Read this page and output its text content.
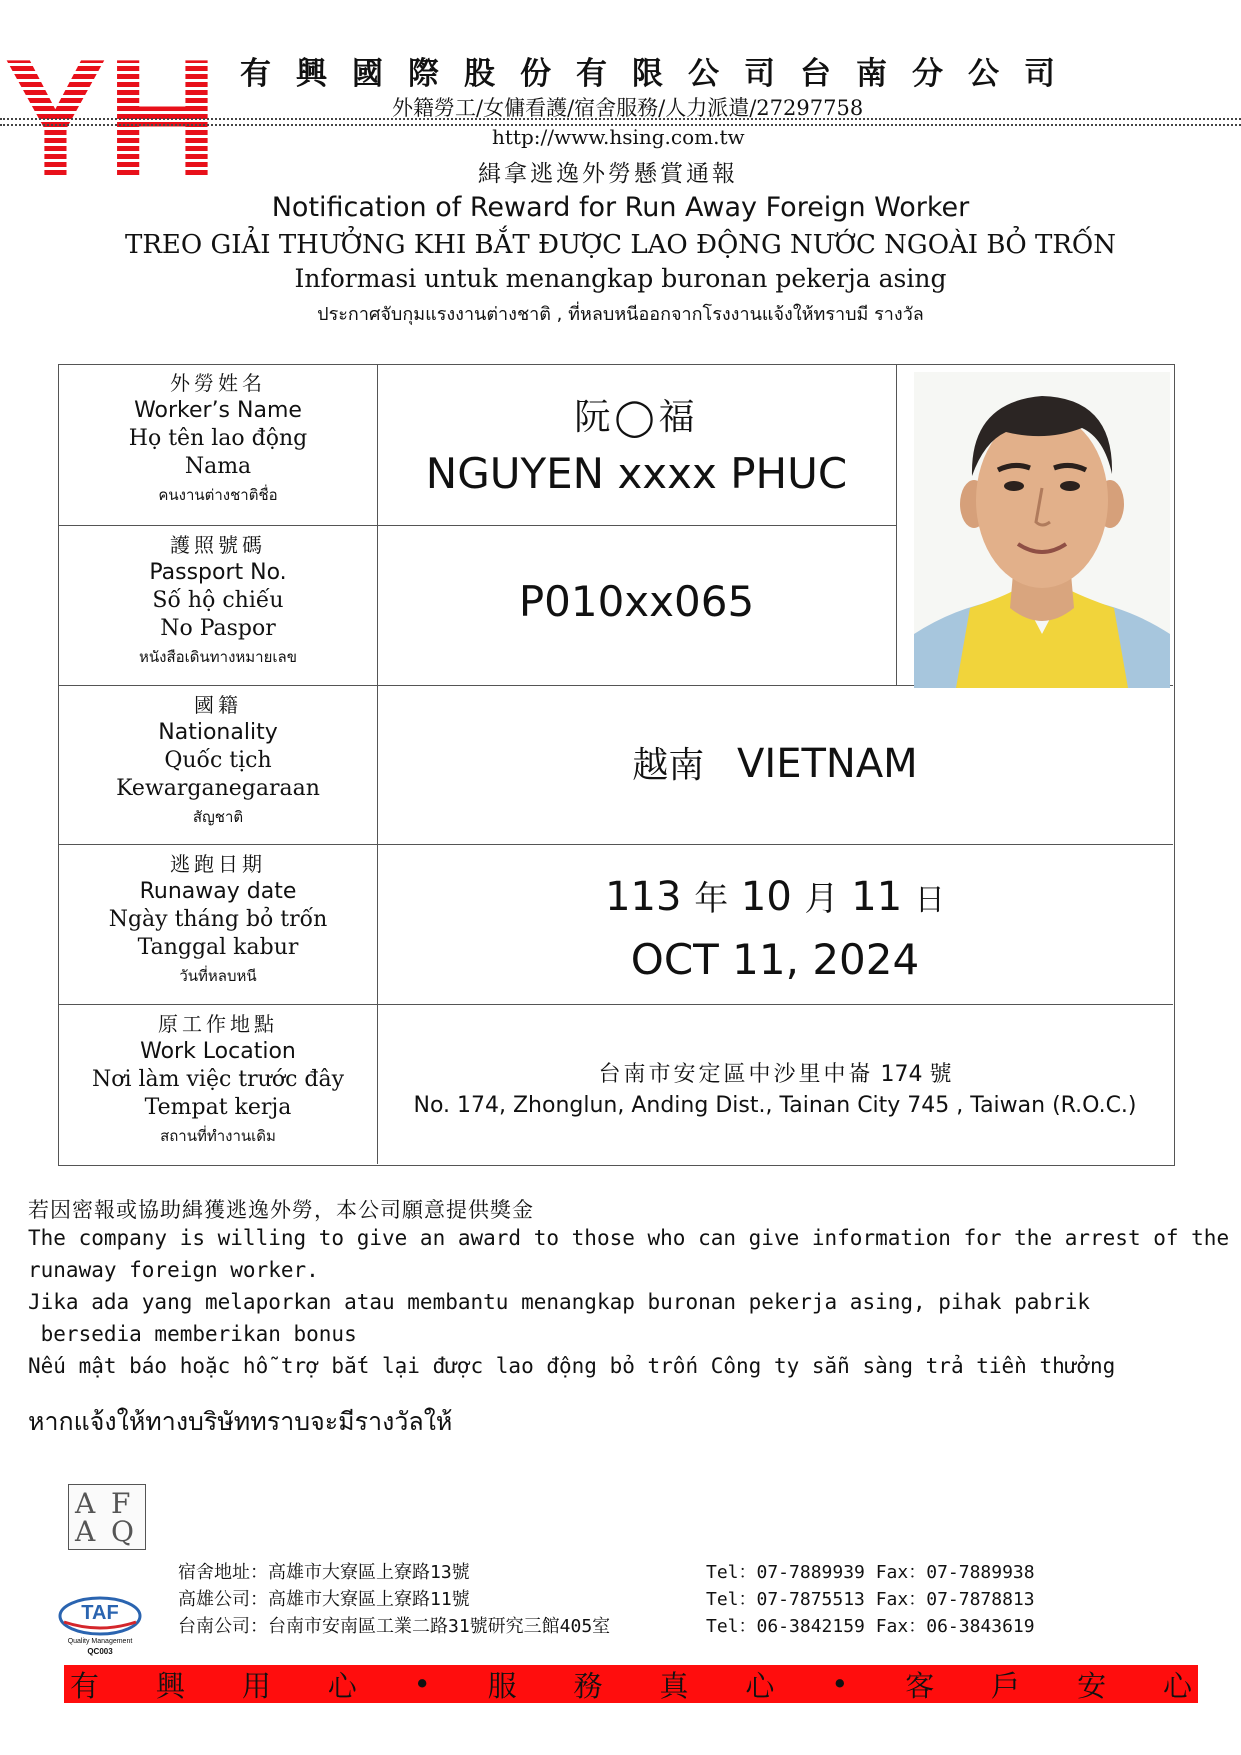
有興國際股份有限公司台南分公司
外籍勞工/女傭看護/宿舍服務/人力派遣/27297758
http://www.hsing.com.tw
緝拿逃逸外勞懸賞通報
Notification of Reward for Run Away Foreign Worker
TREO GIẢI THƯỞNG KHI BẮT ĐƯỢC LAO ĐỘNG NƯỚC NGOÀI BỎ TRỐN
Informasi untuk menangkap buronan pekerja asing
ประกาศจับกุมแรงงานต่างชาติ , ที่หลบหนีออกจากโรงงานแจ้งให้ทราบมี รางวัล
外勞姓名
Worker’s Name
Họ tên lao động
Nama
คนงานต่างชาติชื่อ
阮◯福
NGUYEN xxxx PHUC
護照號碼
Passport No.
Số hộ chiếu
No Paspor
หนังสือเดินทางหมายเลข
P010xx065
國籍
Nationality
Quốc tịch
Kewarganegaraan
สัญชาติ
越南 VIETNAM
逃跑日期
Runaway date
Ngày tháng bỏ trốn
Tanggal kabur
วันที่หลบหนี
113 年 10 月 11 日
OCT 11, 2024
原工作地點
Work Location
Nơi làm việc trước đây
Tempat kerja
สถานที่ทำงานเดิม
台南市安定區中沙里中崙 174 號
No. 174, Zhonglun, Anding Dist., Tainan City 745 , Taiwan (R.O.C.)
若因密報或協助緝獲逃逸外勞，本公司願意提供獎金
The company is willing to give an award to those who can give information for the arrest of the
runaway foreign worker.
Jika ada yang melaporkan atau membantu menangkap buronan pekerja asing, pihak pabrik
bersedia memberikan bonus
Nếu mật báo hoặc hỗ trợ bắt lại được lao động bỏ trốn Công ty sẵn sàng trả tiền thưởng
หากแจ้งให้ทางบริษัททราบจะมีรางวัลให้
A F
A Q
TAF
Quality Management
QC003
宿舍地址：高雄市大寮區上寮路13號	Tel：07-7889939 Fax：07-7889938
高雄公司：高雄市大寮區上寮路11號	Tel：07-7875513 Fax：07-7878813
台南公司：台南市安南區工業二路31號研究三館405室	Tel：06-3842159 Fax：06-3843619
有 興 用 心 • 服 務 真 心 • 客 戶 安 心
